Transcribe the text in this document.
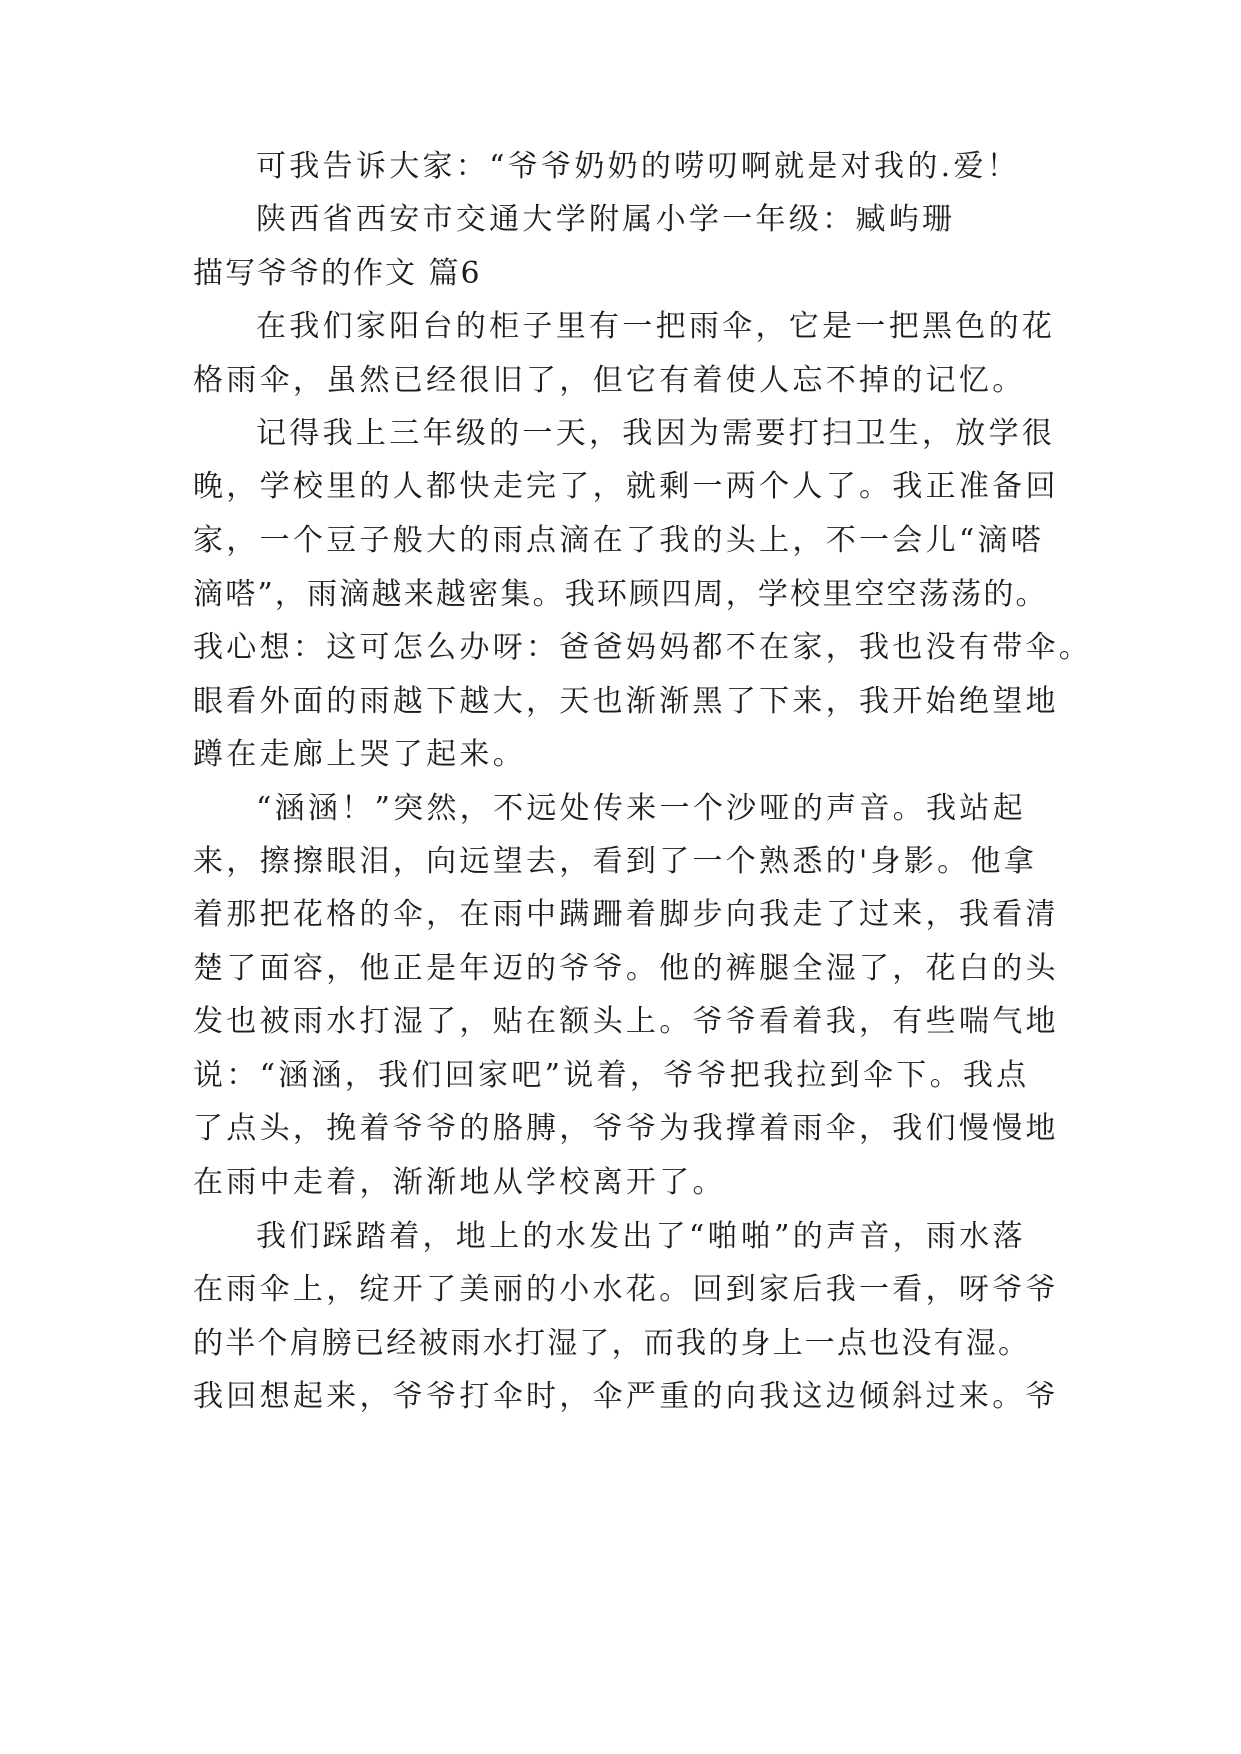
可我告诉大家：“爷爷奶奶的唠叨啊就是对我的.爱！
陕西省西安市交通大学附属小学一年级：臧屿珊
描写爷爷的作文 篇6
在我们家阳台的柜子里有一把雨伞，它是一把黑色的花
格雨伞，虽然已经很旧了，但它有着使人忘不掉的记忆。
记得我上三年级的一天，我因为需要打扫卫生，放学很
晚，学校里的人都快走完了，就剩一两个人了。我正准备回
家，一个豆子般大的雨点滴在了我的头上，不一会儿“滴嗒
滴嗒”，雨滴越来越密集。我环顾四周，学校里空空荡荡的。
我心想：这可怎么办呀：爸爸妈妈都不在家，我也没有带伞。
眼看外面的雨越下越大，天也渐渐黑了下来，我开始绝望地
蹲在走廊上哭了起来。
“涵涵！”突然，不远处传来一个沙哑的声音。我站起
来，擦擦眼泪，向远望去，看到了一个熟悉的'身影。他拿
着那把花格的伞，在雨中蹒跚着脚步向我走了过来，我看清
楚了面容，他正是年迈的爷爷。他的裤腿全湿了，花白的头
发也被雨水打湿了，贴在额头上。爷爷看着我，有些喘气地
说：“涵涵，我们回家吧”说着，爷爷把我拉到伞下。我点
了点头，挽着爷爷的胳膊，爷爷为我撑着雨伞，我们慢慢地
在雨中走着，渐渐地从学校离开了。
我们踩踏着，地上的水发出了“啪啪”的声音，雨水落
在雨伞上，绽开了美丽的小水花。回到家后我一看，呀爷爷
的半个肩膀已经被雨水打湿了，而我的身上一点也没有湿。
我回想起来，爷爷打伞时，伞严重的向我这边倾斜过来。爷
